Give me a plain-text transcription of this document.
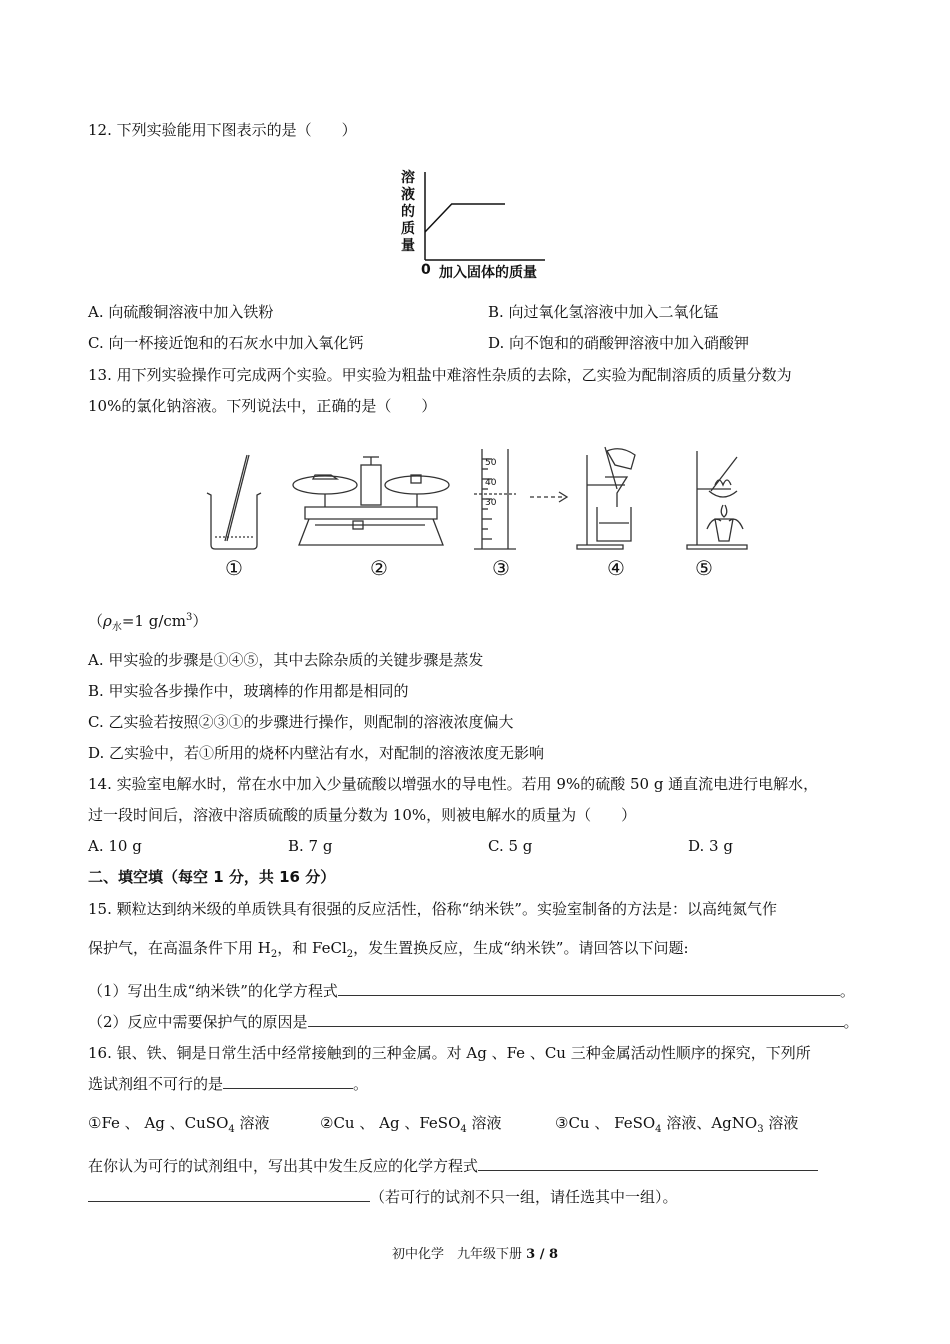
12. 下列实验能用下图表示的是（　　）
溶
液
的
质
量
0 加入固体的质量
A. 向硫酸铜溶液中加入铁粉	B. 向过氧化氢溶液中加入二氧化锰
C. 向一杯接近饱和的石灰水中加入氧化钙	D. 向不饱和的硝酸钾溶液中加入硝酸钾
13. 用下列实验操作可完成两个实验。甲实验为粗盐中难溶性杂质的去除，乙实验为配制溶质的质量分数为
10%的氯化钠溶液。下列说法中，正确的是（　　）
50
40
30
①	②	③	④	⑤
（$\rho_水=1$ $g/cm^3$）
A. 甲实验的步骤是①④⑤，其中去除杂质的关键步骤是蒸发
B. 甲实验各步操作中，玻璃棒的作用都是相同的
C. 乙实验若按照②③①的步骤进行操作，则配制的溶液浓度偏大
D. 乙实验中，若①所用的烧杯内壁沾有水，对配制的溶液浓度无影响
14. 实验室电解水时，常在水中加入少量硫酸以增强水的导电性。若用 9%的硫酸 50 g 通直流电进行电解水，
过一段时间后，溶液中溶质硫酸的质量分数为 10%，则被电解水的质量为（　　）
A. 10 g	B. 7 g	C. 5 g	D. 3 g
二、填空填（每空 1 分，共 16 分）
15. 颗粒达到纳米级的单质铁具有很强的反应活性，俗称“纳米铁”。实验室制备的方法是：以高纯氮气作
保护气，在高温条件下用 $H_2$，和 FeCl$_2$，发生置换反应，生成“纳米铁”。请回答以下问题:
（1）写出生成“纳米铁”的化学方程式	。
（2）反应中需要保护气的原因是	。
16. 银、铁、铜是日常生活中经常接触到的三种金属。对 Ag 、Fe 、Cu 三种金属活动性顺序的探究，下列所
选试剂组不可行的是	。
①Fe 、 Ag 、CuSO$_4$ 溶液	②Cu 、 Ag 、FeSO$_4$ 溶液	③Cu 、 FeSO$_4$ 溶液、AgNO$_3$ 溶液
在你认为可行的试剂组中，写出其中发生反应的化学方程式
（若可行的试剂不只一组，请任选其中一组）。
初中化学　九年级下册 3 / 8
